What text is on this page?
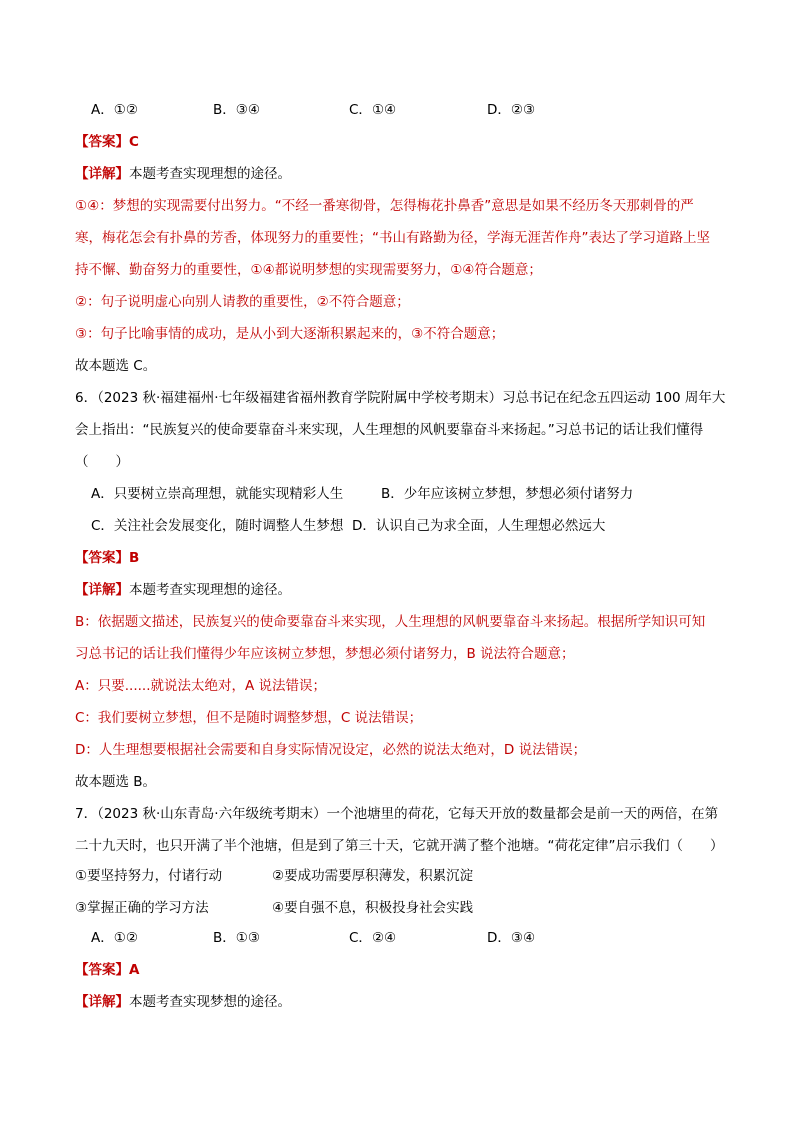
A．①②	B．③④	C．①④	D．②③
【答案】C
【详解】本题考查实现理想的途径。
①④：梦想的实现需要付出努力。“不经一番寒彻骨，怎得梅花扑鼻香”意思是如果不经历冬天那刺骨的严
寒，梅花怎会有扑鼻的芳香，体现努力的重要性；“书山有路勤为径，学海无涯苦作舟”表达了学习道路上坚
持不懈、勤奋努力的重要性，①④都说明梦想的实现需要努力，①④符合题意；
②：句子说明虚心向别人请教的重要性，②不符合题意；
③：句子比喻事情的成功，是从小到大逐渐积累起来的，③不符合题意；
故本题选 C。
6．（2023 秋·福建福州·七年级福建省福州教育学院附属中学校考期末）习总书记在纪念五四运动 100 周年大
会上指出：“民族复兴的使命要靠奋斗来实现，人生理想的风帆要靠奋斗来扬起。”习总书记的话让我们懂得
（　　）
A．只要树立崇高理想，就能实现精彩人生	B．少年应该树立梦想，梦想必须付诸努力
C．关注社会发展变化，随时调整人生梦想 D．认识自己为求全面，人生理想必然远大
【答案】B
【详解】本题考查实现理想的途径。
B：依据题文描述，民族复兴的使命要靠奋斗来实现，人生理想的风帆要靠奋斗来扬起。根据所学知识可知
习总书记的话让我们懂得少年应该树立梦想，梦想必须付诸努力，B 说法符合题意；
A：只要......就说法太绝对，A 说法错误；
C：我们要树立梦想，但不是随时调整梦想，C 说法错误；
D：人生理想要根据社会需要和自身实际情况设定，必然的说法太绝对，D 说法错误；
故本题选 B。
7．（2023 秋·山东青岛·六年级统考期末）一个池塘里的荷花，它每天开放的数量都会是前一天的两倍，在第
二十九天时，也只开满了半个池塘，但是到了第三十天，它就开满了整个池塘。“荷花定律”启示我们（　　）
①要坚持努力，付诸行动	②要成功需要厚积薄发，积累沉淀
③掌握正确的学习方法	④要自强不息，积极投身社会实践
A．①②	B．①③	C．②④	D．③④
【答案】A
【详解】本题考查实现梦想的途径。
